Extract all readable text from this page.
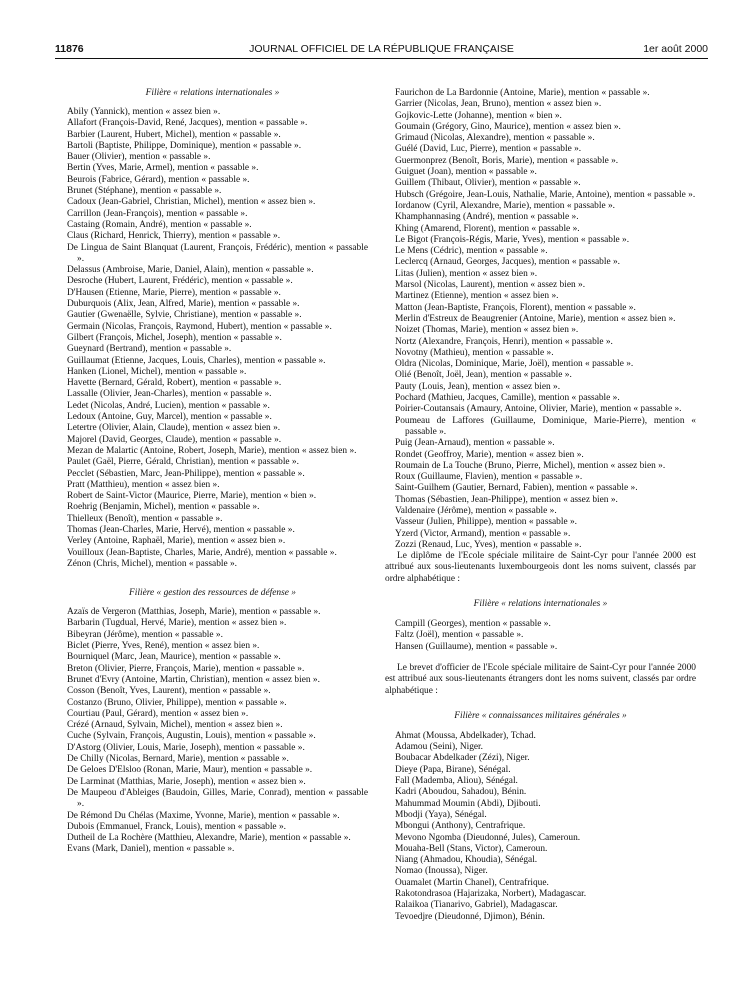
11876	JOURNAL OFFICIEL DE LA RÉPUBLIQUE FRANÇAISE	1er août 2000
Filière « relations internationales »

Abily (Yannick), mention « assez bien ».

Allafort (François-David, René, Jacques), mention « passable ».

Barbier (Laurent, Hubert, Michel), mention « passable ».

Bartoli (Baptiste, Philippe, Dominique), mention « passable ».

Bauer (Olivier), mention « passable ».

Bertin (Yves, Marie, Armel), mention « passable ».

Beurois (Fabrice, Gérard), mention « passable ».

Brunet (Stéphane), mention « passable ».

Cadoux (Jean-Gabriel, Christian, Michel), mention « assez bien ».

Carrillon (Jean-François), mention « passable ».

Castaing (Romain, André), mention « passable ».

Claus (Richard, Henrick, Thierry), mention « passable ».

De Lingua de Saint Blanquat (Laurent, François, Frédéric), mention « passable ».

Delassus (Ambroise, Marie, Daniel, Alain), mention « passable ».

Desroche (Hubert, Laurent, Frédéric), mention « passable ».

D'Hausen (Etienne, Marie, Pierre), mention « passable ».

Duburquois (Alix, Jean, Alfred, Marie), mention « passable ».

Gautier (Gwenaëlle, Sylvie, Christiane), mention « passable ».

Germain (Nicolas, François, Raymond, Hubert), mention « passable ».

Gilbert (François, Michel, Joseph), mention « passable ».

Gueynard (Bertrand), mention « passable ».

Guillaumat (Etienne, Jacques, Louis, Charles), mention « passable ».

Hanken (Lionel, Michel), mention « passable ».

Havette (Bernard, Gérald, Robert), mention « passable ».

Lassalle (Olivier, Jean-Charles), mention « passable ».

Ledet (Nicolas, André, Lucien), mention « passable ».

Ledoux (Antoine, Guy, Marcel), mention « passable ».

Letertre (Olivier, Alain, Claude), mention « assez bien ».

Majorel (David, Georges, Claude), mention « passable ».

Mezan de Malartic (Antoine, Robert, Joseph, Marie), mention « assez bien ».

Paulet (Gaël, Pierre, Gérald, Christian), mention « passable ».

Pecclet (Sébastien, Marc, Jean-Philippe), mention « passable ».

Pratt (Matthieu), mention « assez bien ».

Robert de Saint-Victor (Maurice, Pierre, Marie), mention « bien ».

Roehrig (Benjamin, Michel), mention « passable ».

Thielleux (Benoît), mention « passable ».

Thomas (Jean-Charles, Marie, Hervé), mention « passable ».

Verley (Antoine, Raphaël, Marie), mention « assez bien ».

Vouilloux (Jean-Baptiste, Charles, Marie, André), mention « passable ».

Zénon (Chris, Michel), mention « passable ».

Filière « gestion des ressources de défense »

Azaïs de Vergeron (Matthias, Joseph, Marie), mention « passable ».

Barbarin (Tugdual, Hervé, Marie), mention « assez bien ».

Bibeyran (Jérôme), mention « passable ».

Biclet (Pierre, Yves, René), mention « assez bien ».

Bourniquel (Marc, Jean, Maurice), mention « passable ».

Breton (Olivier, Pierre, François, Marie), mention « passable ».

Brunet d'Evry (Antoine, Martin, Christian), mention « assez bien ».

Cosson (Benoît, Yves, Laurent), mention « passable ».

Costanzo (Bruno, Olivier, Philippe), mention « passable ».

Courtiau (Paul, Gérard), mention « assez bien ».

Crézé (Arnaud, Sylvain, Michel), mention « assez bien ».

Cuche (Sylvain, François, Augustin, Louis), mention « passable ».

D'Astorg (Olivier, Louis, Marie, Joseph), mention « passable ».

De Chilly (Nicolas, Bernard, Marie), mention « passable ».

De Geloes D'Elsloo (Ronan, Marie, Maur), mention « passable ».

De Larminat (Matthias, Marie, Joseph), mention « assez bien ».

De Maupeou d'Ableiges (Baudoin, Gilles, Marie, Conrad), mention « passable ».

De Rémond Du Chélas (Maxime, Yvonne, Marie), mention « passable ».

Dubois (Emmanuel, Franck, Louis), mention « passable ».

Dutheil de La Rochère (Matthieu, Alexandre, Marie), mention « passable ».

Evans (Mark, Daniel), mention « passable ».

Faurichon de La Bardonnie (Antoine, Marie), mention « passable ».

Garrier (Nicolas, Jean, Bruno), mention « assez bien ».

Gojkovic-Lette (Johanne), mention « bien ».

Goumain (Grégory, Gino, Maurice), mention « assez bien ».

Grimaud (Nicolas, Alexandre), mention « passable ».

Guélé (David, Luc, Pierre), mention « passable ».

Guermonprez (Benoît, Boris, Marie), mention « passable ».

Guiguet (Joan), mention « passable ».

Guillem (Thibaut, Olivier), mention « passable ».

Hubsch (Grégoire, Jean-Louis, Nathalie, Marie, Antoine), mention « passable ».

Iordanow (Cyril, Alexandre, Marie), mention « passable ».

Khamphannasing (André), mention « passable ».

Khing (Amarend, Florent), mention « passable ».

Le Bigot (François-Régis, Marie, Yves), mention « passable ».

Le Mens (Cédric), mention « passable ».

Leclercq (Arnaud, Georges, Jacques), mention « passable ».

Litas (Julien), mention « assez bien ».

Marsol (Nicolas, Laurent), mention « assez bien ».

Martinez (Etienne), mention « assez bien ».

Matton (Jean-Baptiste, François, Florent), mention « passable ».

Merlin d'Estreux de Beaugrenier (Antoine, Marie), mention « assez bien ».

Noizet (Thomas, Marie), mention « assez bien ».

Nortz (Alexandre, François, Henri), mention « passable ».

Novotny (Mathieu), mention « passable ».

Oldra (Nicolas, Dominique, Marie, Joël), mention « passable ».

Olié (Benoît, Joël, Jean), mention « passable ».

Pauty (Louis, Jean), mention « assez bien ».

Pochard (Mathieu, Jacques, Camille), mention « passable ».

Poirier-Coutansais (Amaury, Antoine, Olivier, Marie), mention « passable ».

Poumeau de Laffores (Guillaume, Dominique, Marie-Pierre), mention « passable ».

Puig (Jean-Arnaud), mention « passable ».

Rondet (Geoffroy, Marie), mention « assez bien ».

Roumain de La Touche (Bruno, Pierre, Michel), mention « assez bien ».

Roux (Guillaume, Flavien), mention « passable ».

Saint-Guilhem (Gautier, Bernard, Fabien), mention « passable ».

Thomas (Sébastien, Jean-Philippe), mention « assez bien ».

Valdenaire (Jérôme), mention « passable ».

Vasseur (Julien, Philippe), mention « passable ».

Yzerd (Victor, Armand), mention « passable ».

Zozzi (Renaud, Luc, Yves), mention « passable ».

Le diplôme de l'Ecole spéciale militaire de Saint-Cyr pour l'année 2000 est attribué aux sous-lieutenants luxembourgeois dont les noms suivent, classés par ordre alphabétique :

Filière « relations internationales »

Campill (Georges), mention « passable ».

Faltz (Joël), mention « passable ».

Hansen (Guillaume), mention « passable ».

Le brevet d'officier de l'Ecole spéciale militaire de Saint-Cyr pour l'année 2000 est attribué aux sous-lieutenants étrangers dont les noms suivent, classés par ordre alphabétique :

Filière « connaissances militaires générales »

Ahmat (Moussa, Abdelkader), Tchad.

Adamou (Seini), Niger.

Boubacar Abdelkader (Zézi), Niger.

Dieye (Papa, Birane), Sénégal.

Fall (Mademba, Aliou), Sénégal.

Kadri (Aboudou, Sahadou), Bénin.

Mahummad Moumin (Abdi), Djibouti.

Mbodji (Yaya), Sénégal.

Mbongui (Anthony), Centrafrique.

Mevono Ngomba (Dieudonné, Jules), Cameroun.

Mouaha-Bell (Stans, Victor), Cameroun.

Niang (Ahmadou, Khoudia), Sénégal.

Nomao (Inoussa), Niger.

Ouamalet (Martin Chanel), Centrafrique.

Rakotondrasoa (Hajarizaka, Norbert), Madagascar.

Ralaikoa (Tianarivo, Gabriel), Madagascar.

Tevoedjre (Dieudonné, Djimon), Bénin.
